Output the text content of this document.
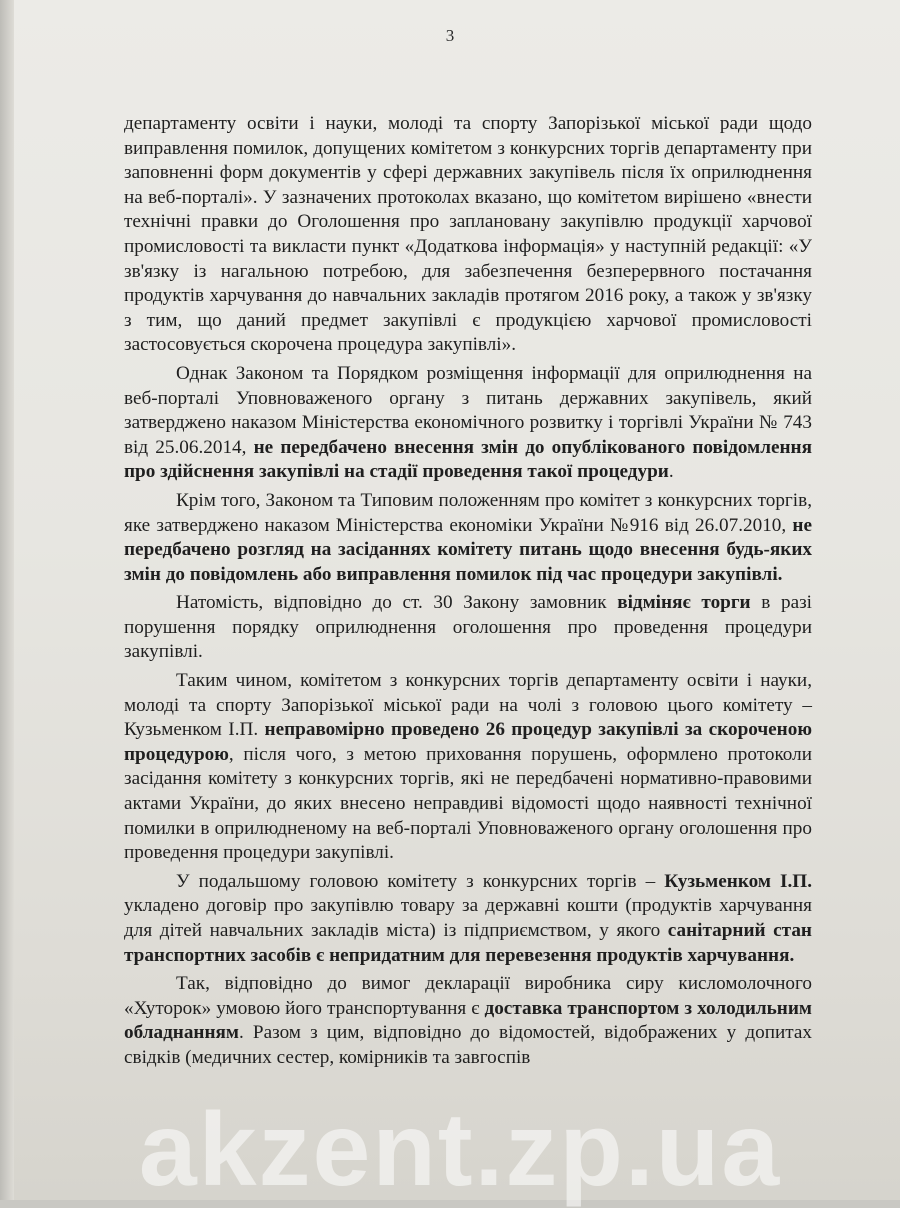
3

департаменту освіти і науки, молоді та спорту Запорізької міської ради щодо виправлення помилок, допущених комітетом з конкурсних торгів департаменту при заповненні форм документів у сфері державних закупівель після їх оприлюднення на веб-порталі». У зазначених протоколах вказано, що комітетом вирішено «внести технічні правки до Оголошення про заплановану закупівлю продукції харчової промисловості та викласти пункт «Додаткова інформація» у наступній редакції: «У зв'язку із нагальною потребою, для забезпечення безперервного постачання продуктів харчування до навчальних закладів протягом 2016 року, а також у зв'язку з тим, що даний предмет закупівлі є продукцією харчової промисловості застосовується скорочена процедура закупівлі».

Однак Законом та Порядком розміщення інформації для оприлюднення на веб-порталі Уповноваженого органу з питань державних закупівель, який затверджено наказом Міністерства економічного розвитку і торгівлі України № 743 від 25.06.2014, не передбачено внесення змін до опублікованого повідомлення про здійснення закупівлі на стадії проведення такої процедури.

Крім того, Законом та Типовим положенням про комітет з конкурсних торгів, яке затверджено наказом Міністерства економіки України №916 від 26.07.2010, не передбачено розгляд на засіданнях комітету питань щодо внесення будь-яких змін до повідомлень або виправлення помилок під час процедури закупівлі.

Натомість, відповідно до ст. 30 Закону замовник відміняє торги в разі порушення порядку оприлюднення оголошення про проведення процедури закупівлі.

Таким чином, комітетом з конкурсних торгів департаменту освіти і науки, молоді та спорту Запорізької міської ради на чолі з головою цього комітету – Кузьменком І.П. неправомірно проведено 26 процедур закупівлі за скороченою процедурою, після чого, з метою приховання порушень, оформлено протоколи засідання комітету з конкурсних торгів, які не передбачені нормативно-правовими актами України, до яких внесено неправдиві відомості щодо наявності технічної помилки в оприлюдненому на веб-порталі Уповноваженого органу оголошення про проведення процедури закупівлі.

У подальшому головою комітету з конкурсних торгів – Кузьменком І.П. укладено договір про закупівлю товару за державні кошти (продуктів харчування для дітей навчальних закладів міста) із підприємством, у якого санітарний стан транспортних засобів є непридатним для перевезення продуктів харчування.

Так, відповідно до вимог декларації виробника сиру кисломолочного «Хуторок» умовою його транспортування є доставка транспортом з холодильним обладнанням. Разом з цим, відповідно до відомостей, відображених у допитах свідків (медичних сестер, комірників та завгоспів

akzent.zp.ua
